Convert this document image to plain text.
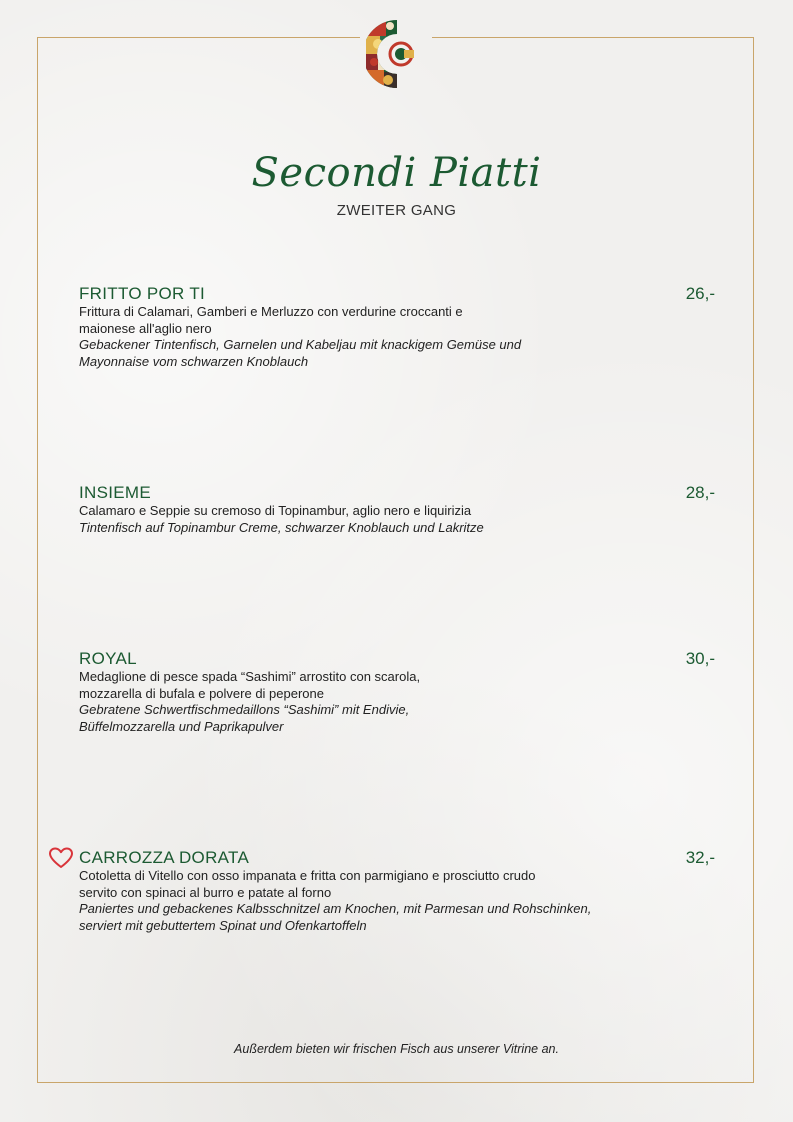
Secondi Piatti
ZWEITER GANG
FRITTO POR TI	26,-
Frittura di Calamari, Gamberi e Merluzzo con verdurine croccanti e
maionese all'aglio nero
Gebackener Tintenfisch, Garnelen und Kabeljau mit knackigem Gemüse und
Mayonnaise vom schwarzen Knoblauch
INSIEME	28,-
Calamaro e Seppie su cremoso di Topinambur, aglio nero e liquirizia
Tintenfisch auf Topinambur Creme, schwarzer Knoblauch und Lakritze
ROYAL	30,-
Medaglione di pesce spada “Sashimi” arrostito con scarola,
mozzarella di bufala e polvere di peperone
Gebratene Schwertfischmedaillons “Sashimi” mit Endivie,
Büffelmozzarella und Paprikapulver
CARROZZA DORATA	32,-
Cotoletta di Vitello con osso impanata e fritta con parmigiano e prosciutto crudo
servito con spinaci al burro e patate al forno
Paniertes und gebackenes Kalbsschnitzel am Knochen, mit Parmesan und Rohschinken,
serviert mit gebuttertem Spinat und Ofenkartoffeln
Außerdem bieten wir frischen Fisch aus unserer Vitrine an.
